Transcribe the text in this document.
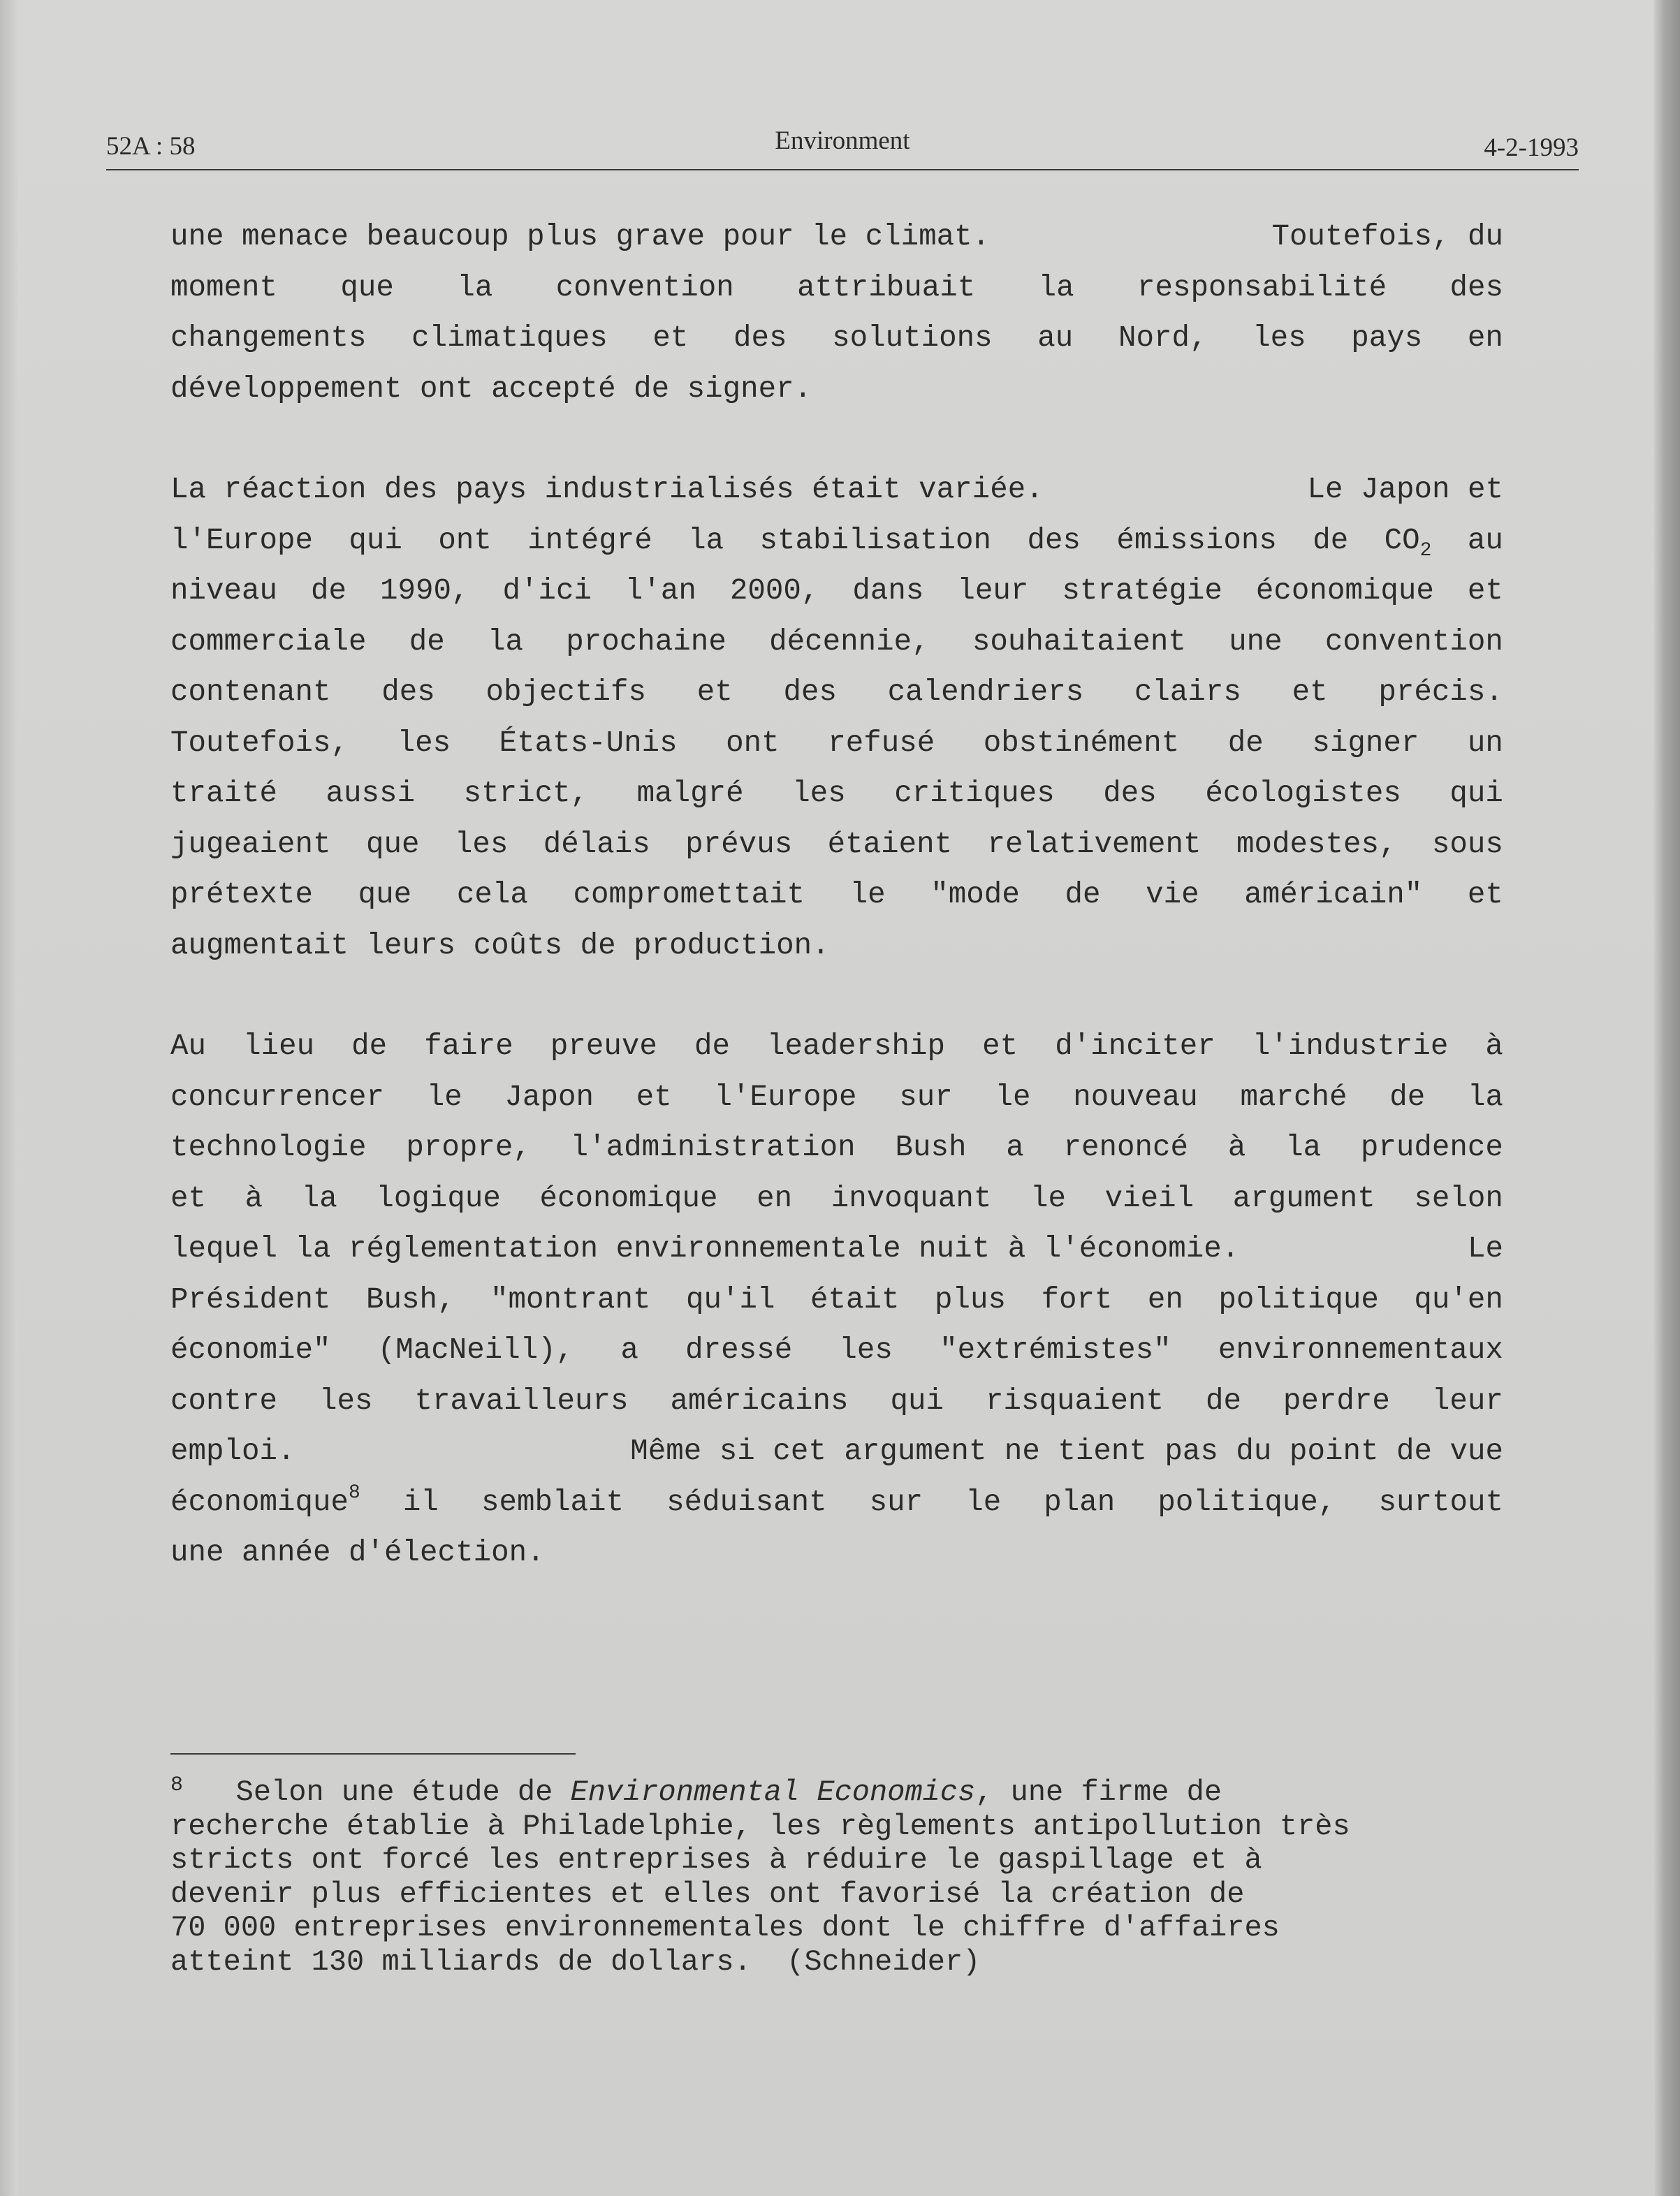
52A : 58	Environment	4-2-1993

une menace beaucoup plus grave pour le climat.	Toutefois, du
moment que la convention attribuait la responsabilité des
changements climatiques et des solutions au Nord, les pays en
développement ont accepté de signer.

La réaction des pays industrialisés était variée.	Le Japon et
l'Europe qui ont intégré la stabilisation des émissions de $CO_2$ au
niveau de 1990, d'ici l'an 2000, dans leur stratégie économique et
commerciale de la prochaine décennie, souhaitaient une convention
contenant des objectifs et des calendriers clairs et précis.
Toutefois, les États-Unis ont refusé obstinément de signer un
traité aussi strict, malgré les critiques des écologistes qui
jugeaient que les délais prévus étaient relativement modestes, sous
prétexte que cela compromettait le "mode de vie américain" et
augmentait leurs coûts de production.

Au lieu de faire preuve de leadership et d'inciter l'industrie à
concurrencer le Japon et l'Europe sur le nouveau marché de la
technologie propre, l'administration Bush a renoncé à la prudence
et à la logique économique en invoquant le vieil argument selon
lequel la réglementation environnementale nuit à l'économie.	Le
Président Bush, "montrant qu'il était plus fort en politique qu'en
économie" (MacNeill), a dressé les "extrémistes" environnementaux
contre les travailleurs américains qui risquaient de perdre leur
emploi.	Même si cet argument ne tient pas du point de vue
économique$^8$ il semblait séduisant sur le plan politique, surtout
une année d'élection.

$^8$   Selon une étude de Environmental Economics, une firme de
recherche établie à Philadelphie, les règlements antipollution très
stricts ont forcé les entreprises à réduire le gaspillage et à
devenir plus efficientes et elles ont favorisé la création de
70 000 entreprises environnementales dont le chiffre d'affaires
atteint 130 milliards de dollars.  (Schneider)
